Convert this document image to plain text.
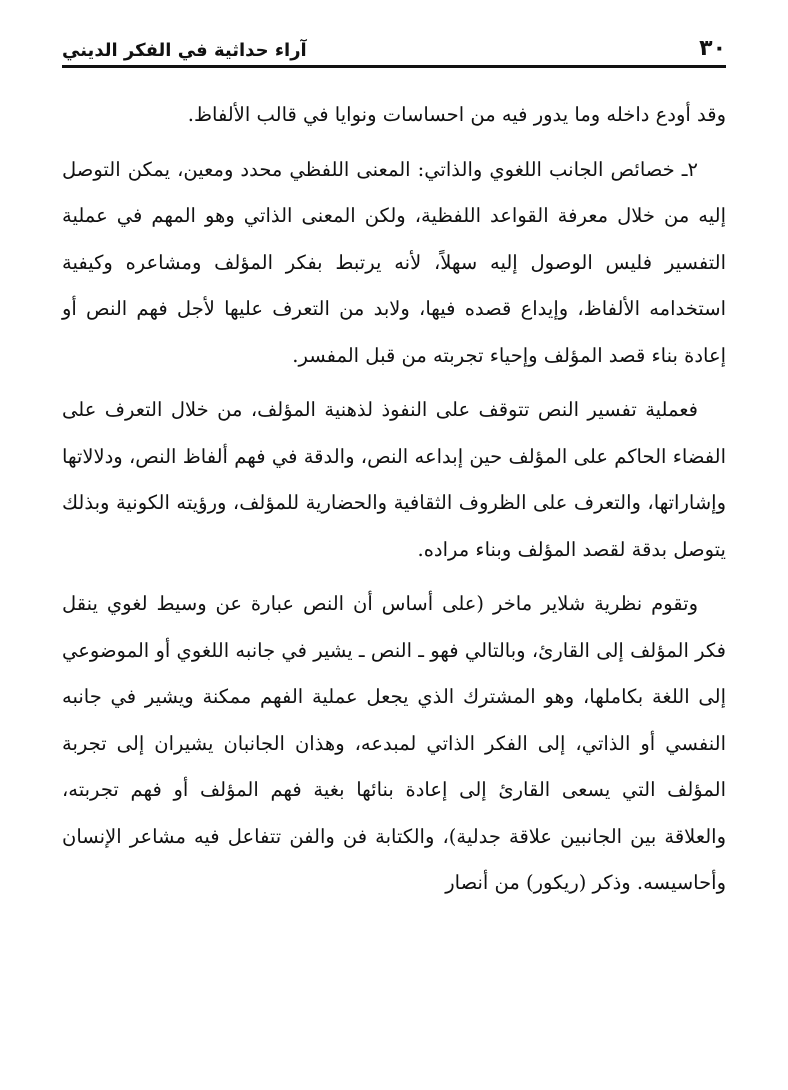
٣٠
آراء حداثية في الفكر الديني

وقد أودع داخله وما يدور فيه من احساسات ونوايا في قالب الألفاظ.

٢ـ خصائص الجانب اللغوي والذاتي: المعنى اللفظي محدد ومعين، يمكن التوصل إليه من خلال معرفة القواعد اللفظية، ولكن المعنى الذاتي وهو المهم في عملية التفسير فليس الوصول إليه سهلاً، لأنه يرتبط بفكر المؤلف ومشاعره وكيفية استخدامه الألفاظ، وإيداع قصده فيها، ولابد من التعرف عليها لأجل فهم النص أو إعادة بناء قصد المؤلف وإحياء تجربته من قبل المفسر.

فعملية تفسير النص تتوقف على النفوذ لذهنية المؤلف، من خلال التعرف على الفضاء الحاكم على المؤلف حين إبداعه النص، والدقة في فهم ألفاظ النص، ودلالاتها وإشاراتها، والتعرف على الظروف الثقافية والحضارية للمؤلف، ورؤيته الكونية وبذلك يتوصل بدقة لقصد المؤلف وبناء مراده.

وتقوم نظرية شلاير ماخر (على أساس أن النص عبارة عن وسيط لغوي ينقل فكر المؤلف إلى القارئ، وبالتالي فهو ـ النص ـ يشير في جانبه اللغوي أو الموضوعي إلى اللغة بكاملها، وهو المشترك الذي يجعل عملية الفهم ممكنة ويشير في جانبه النفسي أو الذاتي، إلى الفكر الذاتي لمبدعه، وهذان الجانبان يشيران إلى تجربة المؤلف التي يسعى القارئ إلى إعادة بنائها بغية فهم المؤلف أو فهم تجربته، والعلاقة بين الجانبين علاقة جدلية)، والكتابة فن والفن تتفاعل فيه مشاعر الإنسان وأحاسيسه. وذكر (ريكور) من أنصار
